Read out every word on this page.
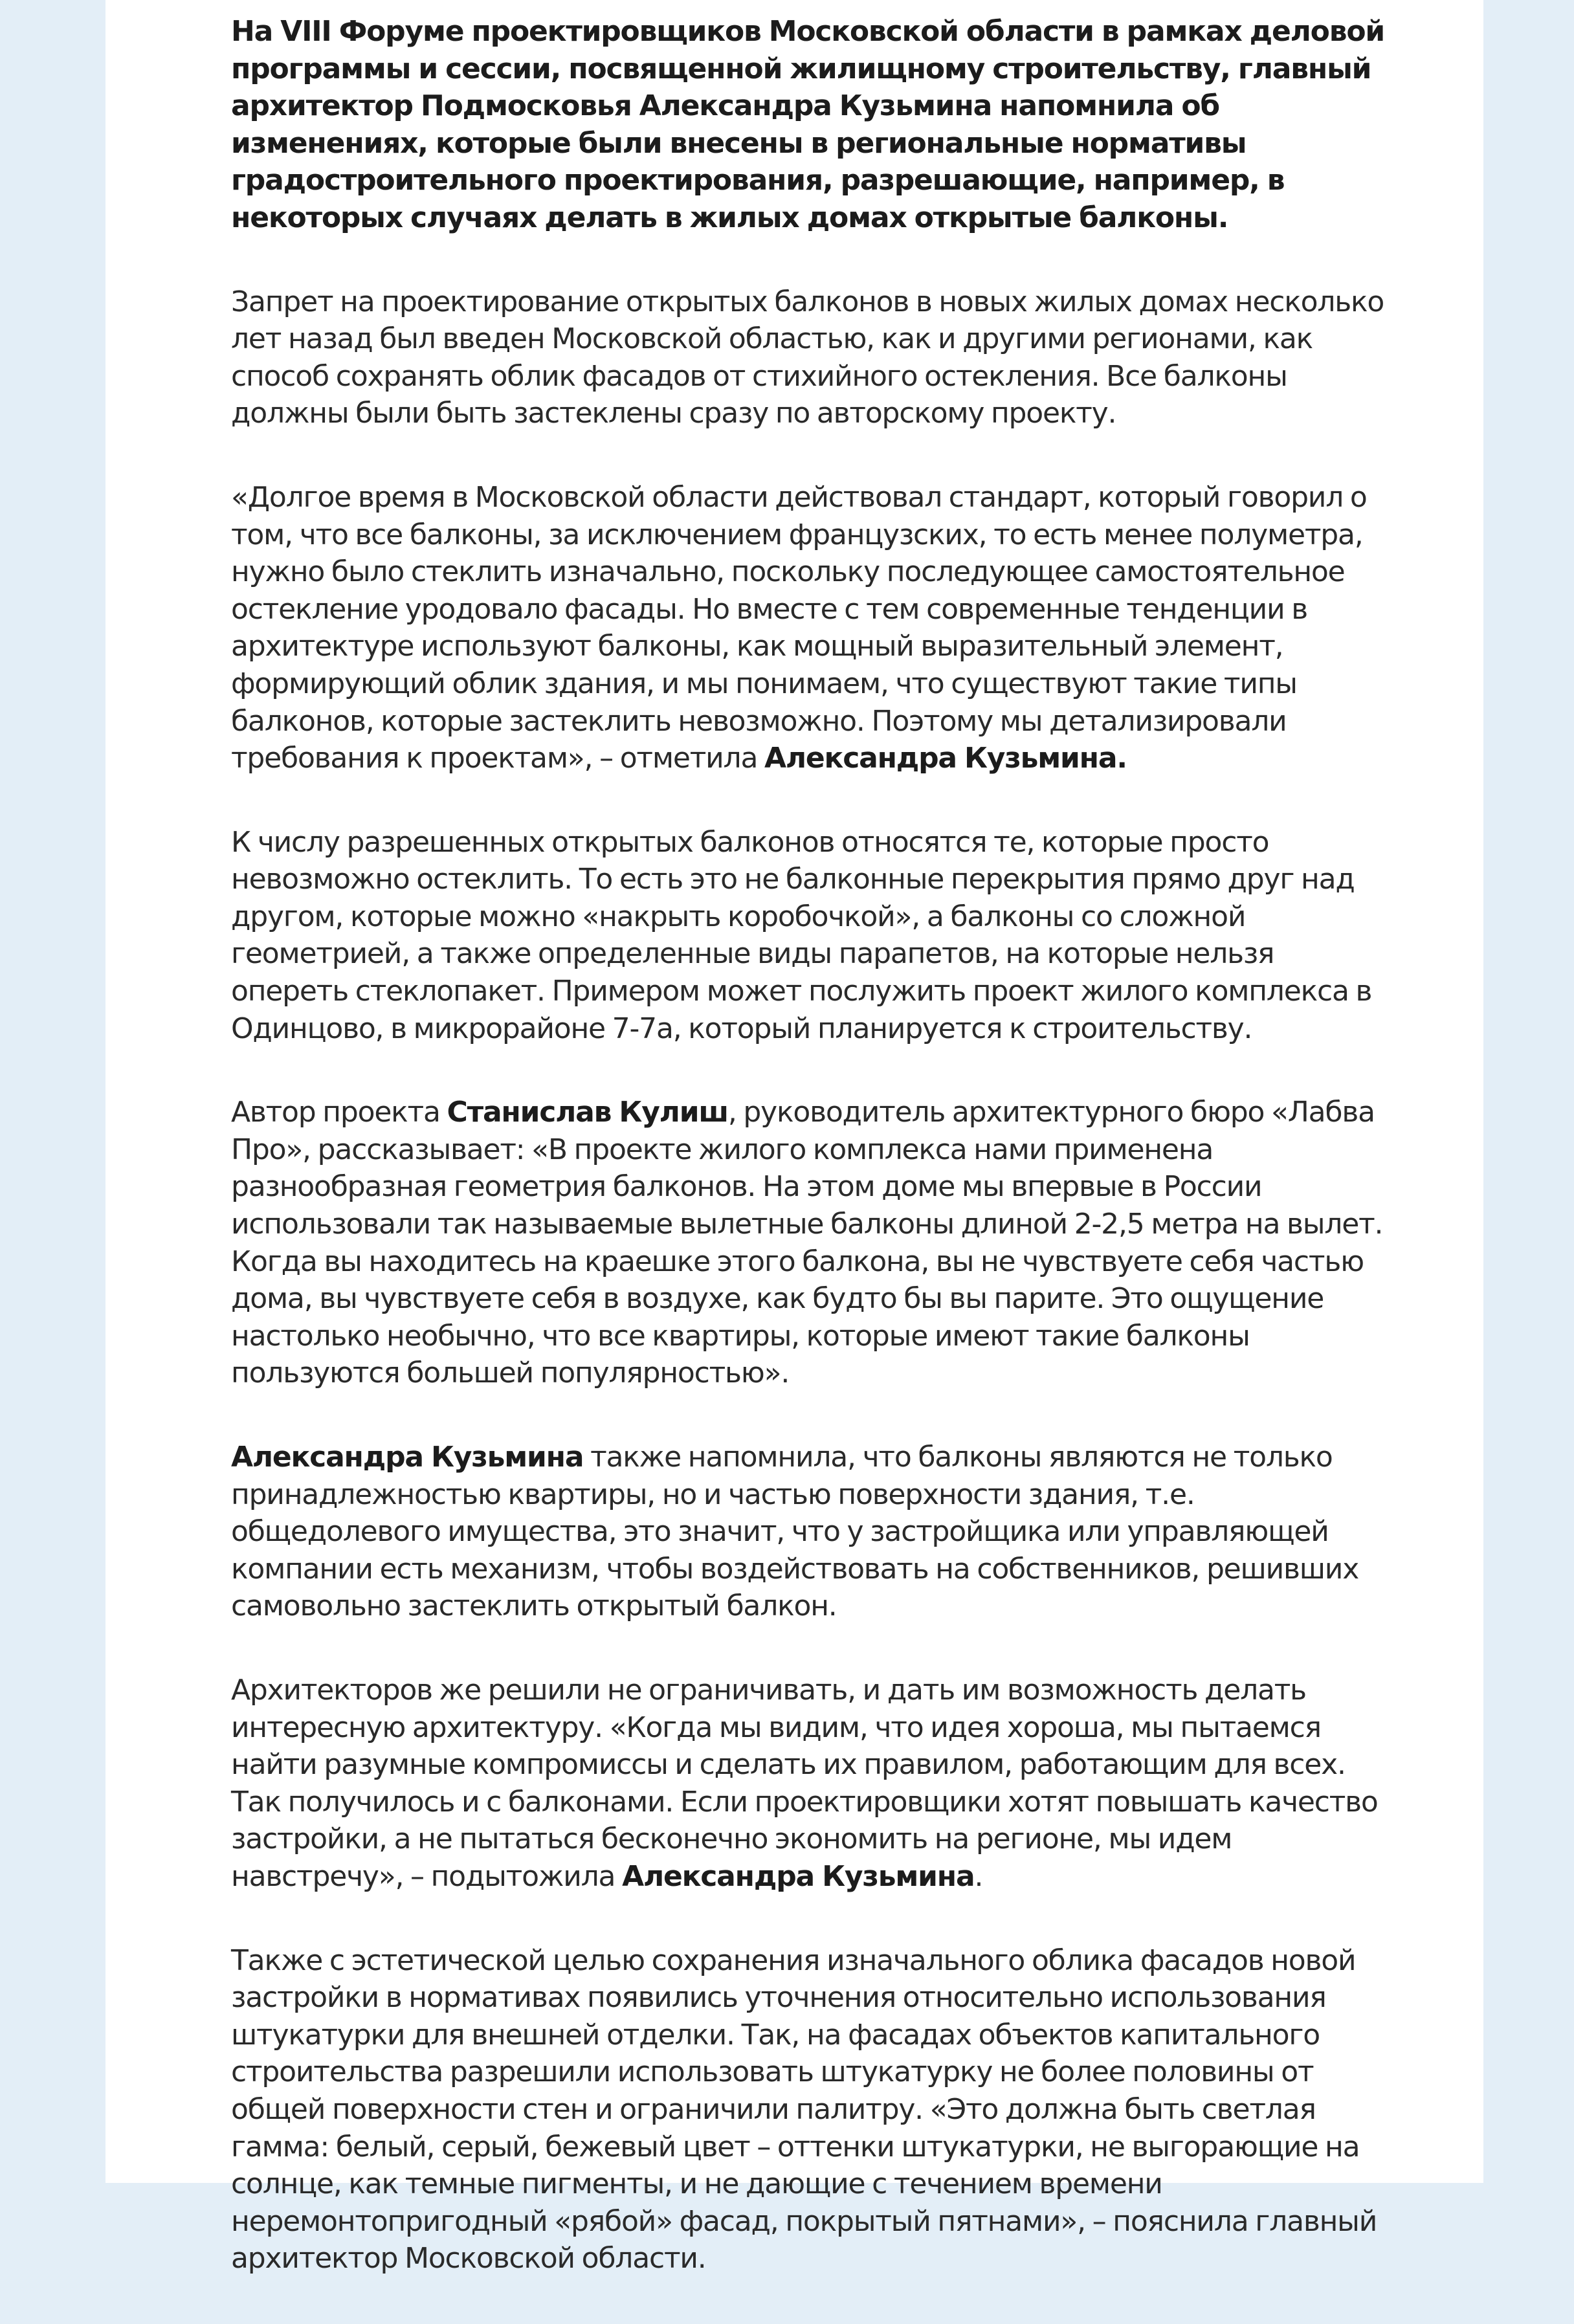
На VIII Форуме проектировщиков Московской области в рамках деловой программы и сессии, посвященной жилищному строительству, главный архитектор Подмосковья Александра Кузьмина напомнила об изменениях, которые были внесены в региональные нормативы градостроительного проектирования, разрешающие, например, в некоторых случаях делать в жилых домах открытые балконы.

Запрет на проектирование открытых балконов в новых жилых домах несколько лет назад был введен Московской областью, как и другими регионами, как способ сохранять облик фасадов от стихийного остекления. Все балконы должны были быть застеклены сразу по авторскому проекту.

«Долгое время в Московской области действовал стандарт, который говорил о том, что все балконы, за исключением французских, то есть менее полуметра, нужно было стеклить изначально, поскольку последующее самостоятельное остекление уродовало фасады. Но вместе с тем современные тенденции в архитектуре используют балконы, как мощный выразительный элемент, формирующий облик здания, и мы понимаем, что существуют такие типы балконов, которые застеклить невозможно. Поэтому мы детализировали требования к проектам», – отметила Александра Кузьмина.

К числу разрешенных открытых балконов относятся те, которые просто невозможно остеклить. То есть это не балконные перекрытия прямо друг над другом, которые можно «накрыть коробочкой», а балконы со сложной геометрией, а также определенные виды парапетов, на которые нельзя опереть стеклопакет. Примером может послужить проект жилого комплекса в Одинцово, в микрорайоне 7-7а, который планируется к строительству.

Автор проекта Станислав Кулиш, руководитель архитектурного бюро «Лабва Про», рассказывает: «В проекте жилого комплекса нами применена разнообразная геометрия балконов. На этом доме мы впервые в России использовали так называемые вылетные балконы длиной 2-2,5 метра на вылет. Когда вы находитесь на краешке этого балкона, вы не чувствуете себя частью дома, вы чувствуете себя в воздухе, как будто бы вы парите. Это ощущение настолько необычно, что все квартиры, которые имеют такие балконы пользуются большей популярностью».

Александра Кузьмина также напомнила, что балконы являются не только принадлежностью квартиры, но и частью поверхности здания, т.е. общедолевого имущества, это значит, что у застройщика или управляющей компании есть механизм, чтобы воздействовать на собственников, решивших самовольно застеклить открытый балкон.

Архитекторов же решили не ограничивать, и дать им возможность делать интересную архитектуру. «Когда мы видим, что идея хороша, мы пытаемся найти разумные компромиссы и сделать их правилом, работающим для всех. Так получилось и с балконами. Если проектировщики хотят повышать качество застройки, а не пытаться бесконечно экономить на регионе, мы идем навстречу», – подытожила Александра Кузьмина.

Также с эстетической целью сохранения изначального облика фасадов новой застройки в нормативах появились уточнения относительно использования штукатурки для внешней отделки. Так, на фасадах объектов капитального строительства разрешили использовать штукатурку не более половины от общей поверхности стен и ограничили палитру. «Это должна быть светлая гамма: белый, серый, бежевый цвет – оттенки штукатурки, не выгорающие на солнце, как темные пигменты, и не дающие с течением времени неремонтопригодный «рябой» фасад, покрытый пятнами», – пояснила главный архитектор Московской области.
